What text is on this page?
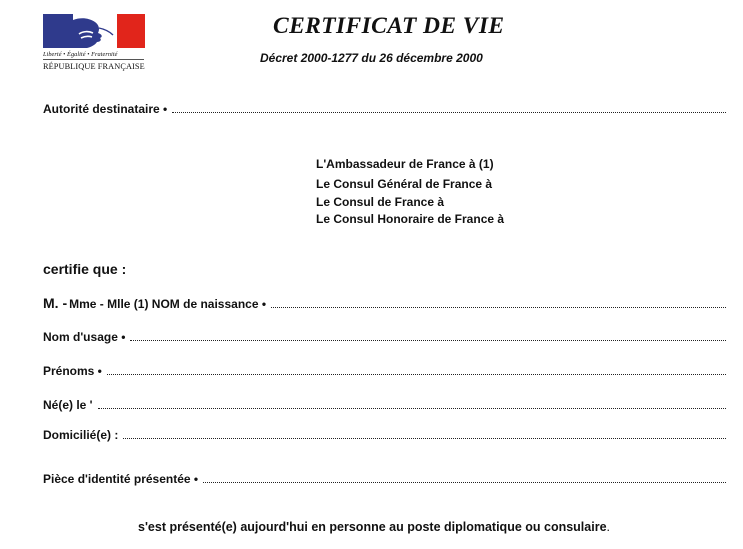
Liberté • Égalité • Fraternité
RÉPUBLIQUE FRANÇAISE
CERTIFICAT DE VIE
Décret 2000-1277 du 26 décembre 2000
Autorité destinataire •
L'Ambassadeur de France à (1)
Le Consul Général de France à
Le Consul de France à
Le Consul Honoraire de France à
certifie que :
M. - Mme - Mlle (1) NOM de naissance •
Nom d'usage •
Prénoms •
Né(e) le '
Domicilié(e) :
Pièce d'identité présentée •
s'est présenté(e) aujourd'hui en personne au poste diplomatique ou consulaire.
